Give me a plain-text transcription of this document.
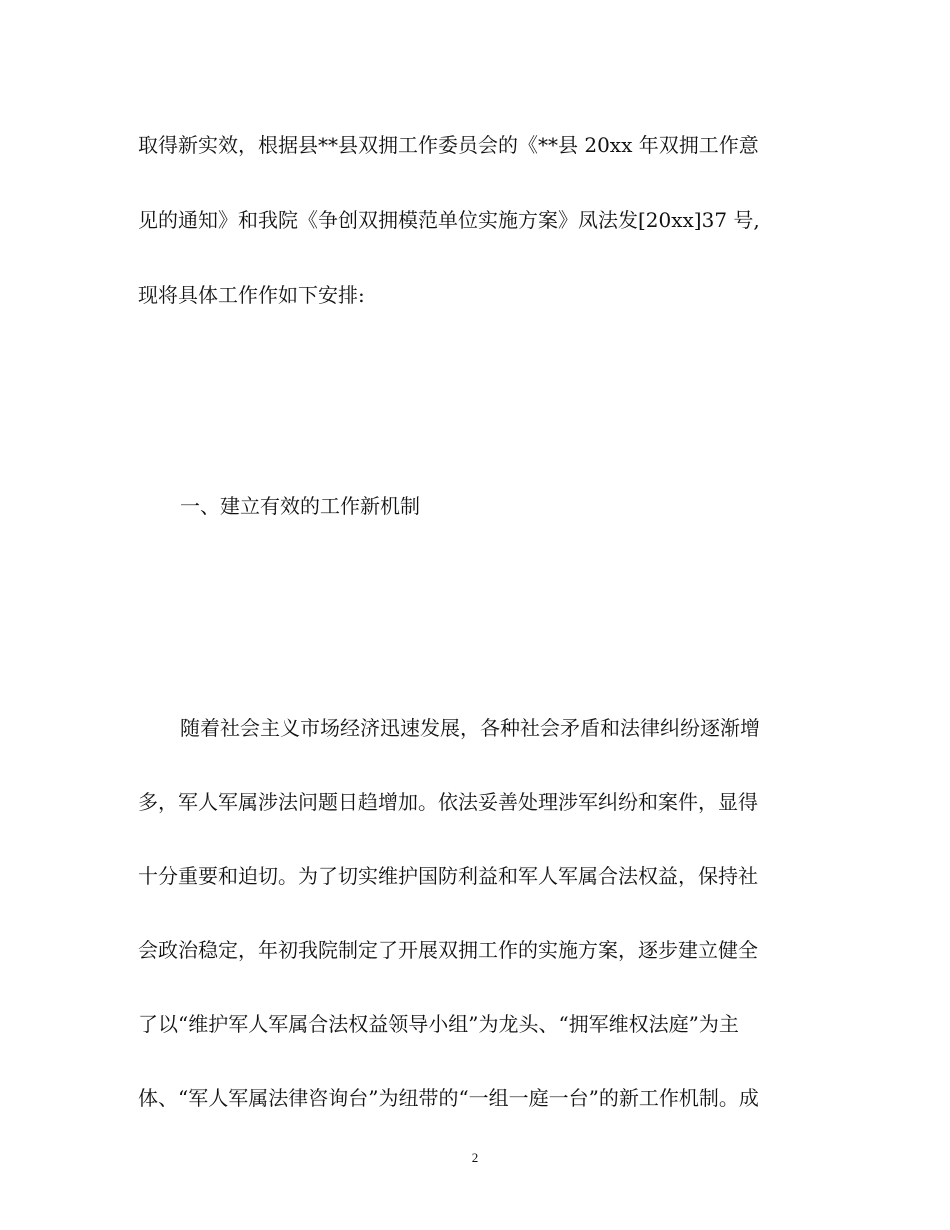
取得新实效，根据县**县双拥工作委员会的《**县 20xx 年双拥工作意
见的通知》和我院《争创双拥模范单位实施方案》凤法发[20xx]37 号,
现将具体工作作如下安排:
一、建立有效的工作新机制
随着社会主义市场经济迅速发展，各种社会矛盾和法律纠纷逐渐增
多，军人军属涉法问题日趋增加。依法妥善处理涉军纠纷和案件，显得
十分重要和迫切。为了切实维护国防利益和军人军属合法权益，保持社
会政治稳定，年初我院制定了开展双拥工作的实施方案，逐步建立健全
了以“维护军人军属合法权益领导小组”为龙头、“拥军维权法庭”为主
体、“军人军属法律咨询台”为纽带的“一组一庭一台”的新工作机制。成
2
